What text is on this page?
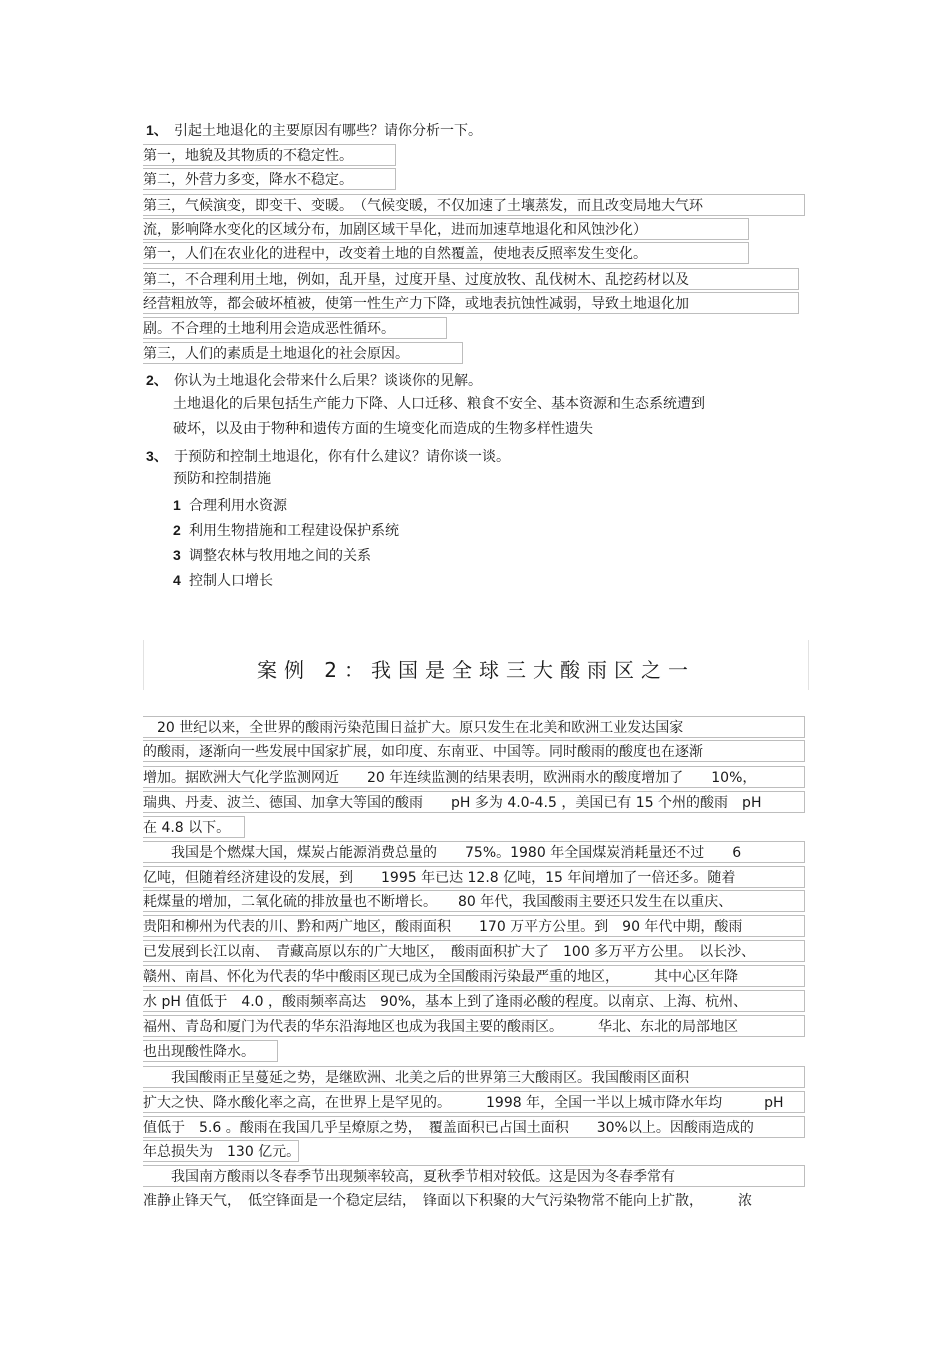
1、 引起土地退化的主要原因有哪些？请你分析一下。
第一，地貌及其物质的不稳定性。
第二，外营力多变，降水不稳定。
第三，气候演变，即变干、变暖。　（气候变暖，不仅加速了土壤蒸发，而且改变局地大气环
流，影响降水变化的区域分布，加剧区域干旱化，进而加速草地退化和风蚀沙化）
第一，人们在农业化的进程中，改变着土地的自然覆盖，使地表反照率发生变化。
第二，不合理利用土地，例如，乱开垦，过度开垦、过度放牧、乱伐树木、乱挖药材以及
经营粗放等，都会破坏植被，使第一性生产力下降，或地表抗蚀性减弱，导致土地退化加
剧。不合理的土地利用会造成恶性循环。
第三，人们的素质是土地退化的社会原因。
2、 你认为土地退化会带来什么后果？谈谈你的见解。
土地退化的后果包括生产能力下降、人口迁移、粮食不安全、基本资源和生态系统遭到
破坏，以及由于物种和遗传方面的生境变化而造成的生物多样性遗失
3、 于预防和控制土地退化，你有什么建议？请你谈一谈。
预防和控制措施
1 合理利用水资源
2 利用生物措施和工程建设保护系统
3 调整农林与牧用地之间的关系
4 控制人口增长
案例 2：我国是全球三大酸雨区之一
　20 世纪以来，全世界的酸雨污染范围日益扩大。原只发生在北美和欧洲工业发达国家
的酸雨，逐渐向一些发展中国家扩展，如印度、东南亚、中国等。同时酸雨的酸度也在逐渐
增加。据欧洲大气化学监测网近　　20 年连续监测的结果表明，欧洲雨水的酸度增加了　　10%，
瑞典、丹麦、波兰、德国、加拿大等国的酸雨　　pH 多为 4.0-4.5 ，美国已有 15 个州的酸雨　pH
在 4.8 以下。
　　我国是个燃煤大国，煤炭占能源消费总量的　　75%。1980 年全国煤炭消耗量还不过　　6
亿吨，但随着经济建设的发展，到　　1995 年已达 12.8 亿吨，15 年间增加了一倍还多。随着
耗煤量的增加，二氧化硫的排放量也不断增长。　　80 年代，我国酸雨主要还只发生在以重庆、
贵阳和柳州为代表的川、黔和两广地区，酸雨面积　　170 万平方公里。到　90 年代中期，酸雨
已发展到长江以南、　青藏高原以东的广大地区，　酸雨面积扩大了　100 多万平方公里。　以长沙、
赣州、南昌、怀化为代表的华中酸雨区现已成为全国酸雨污染最严重的地区，　　　其中心区年降
水 pH 值低于　4.0 ，酸雨频率高达　90%，基本上到了逢雨必酸的程度。以南京、上海、杭州、
福州、青岛和厦门为代表的华东沿海地区也成为我国主要的酸雨区。　　　华北、东北的局部地区
也出现酸性降水。
　　我国酸雨正呈蔓延之势，是继欧洲、北美之后的世界第三大酸雨区。我国酸雨区面积
扩大之快、降水酸化率之高，在世界上是罕见的。　　　1998 年，全国一半以上城市降水年均　　　pH
值低于　5.6 。酸雨在我国几乎呈燎原之势，　覆盖面积已占国土面积　　30%以上。因酸雨造成的
年总损失为　130 亿元。
　　我国南方酸雨以冬春季节出现频率较高，夏秋季节相对较低。这是因为冬春季常有
准静止锋天气，　低空锋面是一个稳定层结，　锋面以下积聚的大气污染物常不能向上扩散，　　　浓
